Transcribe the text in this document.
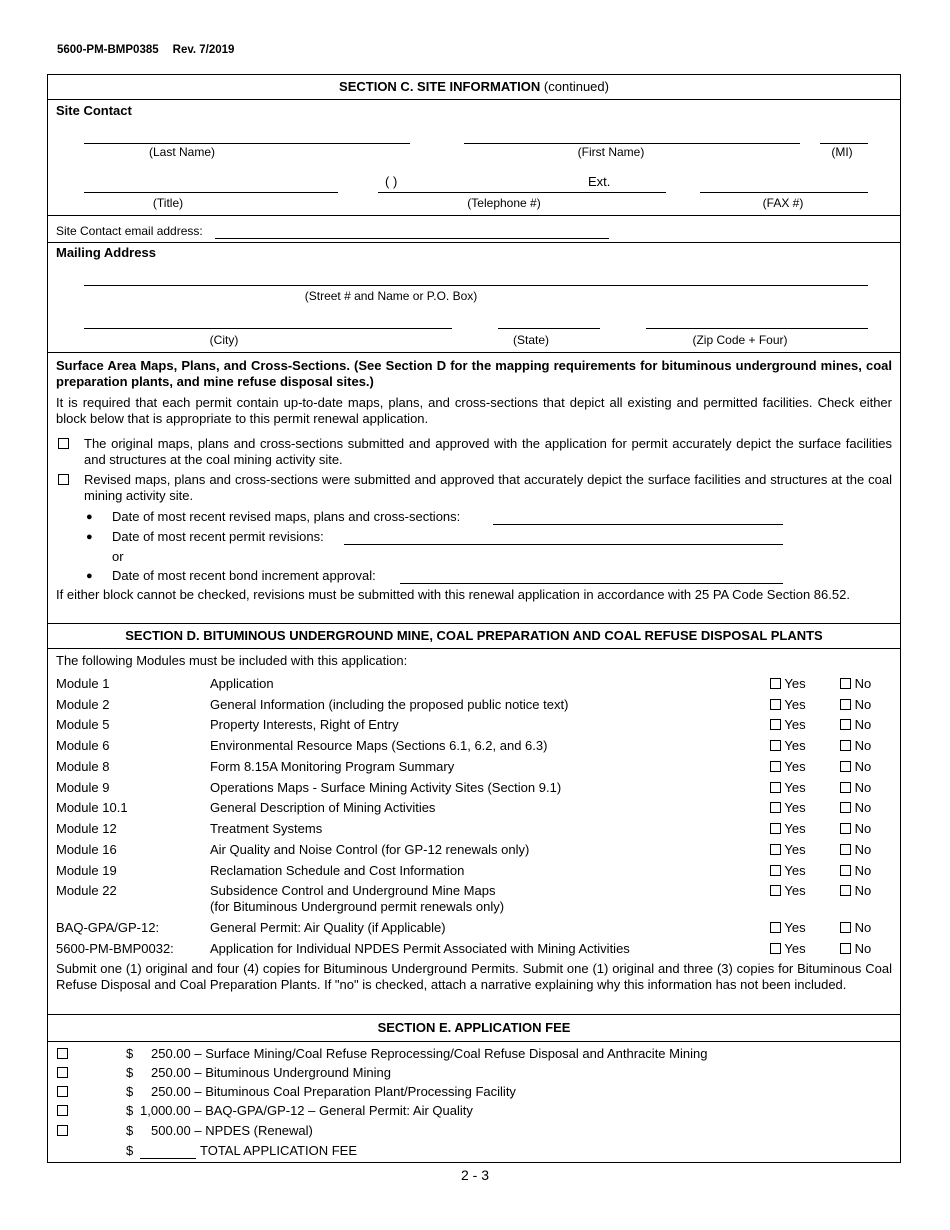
5600-PM-BMP0385 Rev. 7/2019
SECTION C. SITE INFORMATION (continued)
Site Contact
(Last Name)	(First Name)	(MI)
( )	Ext.
(Title)	(Telephone #)	(FAX #)
Site Contact email address:
Mailing Address
(Street # and Name or P.O. Box)
(City)	(State)	(Zip Code + Four)
Surface Area Maps, Plans, and Cross-Sections. (See Section D for the mapping requirements for bituminous underground mines, coal preparation plants, and mine refuse disposal sites.)
It is required that each permit contain up-to-date maps, plans, and cross-sections that depict all existing and permitted facilities. Check either block below that is appropriate to this permit renewal application.
The original maps, plans and cross-sections submitted and approved with the application for permit accurately depict the surface facilities and structures at the coal mining activity site.
Revised maps, plans and cross-sections were submitted and approved that accurately depict the surface facilities and structures at the coal mining activity site.
● Date of most recent revised maps, plans and cross-sections:
● Date of most recent permit revisions:
or
● Date of most recent bond increment approval:
If either block cannot be checked, revisions must be submitted with this renewal application in accordance with 25 PA Code Section 86.52.
SECTION D. BITUMINOUS UNDERGROUND MINE, COAL PREPARATION AND COAL REFUSE DISPOSAL PLANTS
The following Modules must be included with this application:
Module 1	Application	Yes	No
Module 2	General Information (including the proposed public notice text)	Yes	No
Module 5	Property Interests, Right of Entry	Yes	No
Module 6	Environmental Resource Maps (Sections 6.1, 6.2, and 6.3)	Yes	No
Module 8	Form 8.15A Monitoring Program Summary	Yes	No
Module 9	Operations Maps - Surface Mining Activity Sites (Section 9.1)	Yes	No
Module 10.1	General Description of Mining Activities	Yes	No
Module 12	Treatment Systems	Yes	No
Module 16	Air Quality and Noise Control (for GP-12 renewals only)	Yes	No
Module 19	Reclamation Schedule and Cost Information	Yes	No
Module 22	Subsidence Control and Underground Mine Maps
(for Bituminous Underground permit renewals only)
Yes	No
BAQ-GPA/GP-12:	General Permit: Air Quality (if Applicable)	Yes	No
5600-PM-BMP0032:	Application for Individual NPDES Permit Associated with Mining Activities	Yes	No
Submit one (1) original and four (4) copies for Bituminous Underground Permits. Submit one (1) original and three (3) copies for Bituminous Coal Refuse Disposal and Coal Preparation Plants. If "no" is checked, attach a narrative explaining why this information has not been included.
SECTION E. APPLICATION FEE
$ 250.00 – Surface Mining/Coal Refuse Reprocessing/Coal Refuse Disposal and Anthracite Mining
$ 250.00 – Bituminous Underground Mining
$ 250.00 – Bituminous Coal Preparation Plant/Processing Facility
$ 1,000.00 – BAQ-GPA/GP-12 – General Permit: Air Quality
$ 500.00 – NPDES (Renewal)
$	TOTAL APPLICATION FEE
2 - 3
